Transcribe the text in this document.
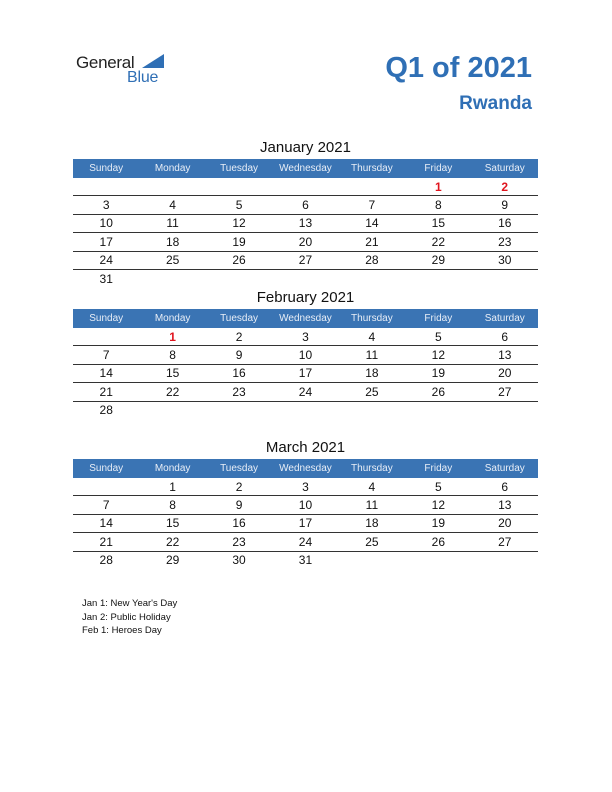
General
Blue	Q1 of 2021
Rwanda
January 2021
Sunday	Monday	Tuesday	Wednesday	Thursday	Friday	Saturday
					1	2
3	4	5	6	7	8	9
10	11	12	13	14	15	16
17	18	19	20	21	22	23
24	25	26	27	28	29	30
31						
February 2021
Sunday	Monday	Tuesday	Wednesday	Thursday	Friday	Saturday
	1	2	3	4	5	6
7	8	9	10	11	12	13
14	15	16	17	18	19	20
21	22	23	24	25	26	27
28						
March 2021
Sunday	Monday	Tuesday	Wednesday	Thursday	Friday	Saturday
	1	2	3	4	5	6
7	8	9	10	11	12	13
14	15	16	17	18	19	20
21	22	23	24	25	26	27
28	29	30	31			
Jan 1: New Year's Day
Jan 2: Public Holiday
Feb 1: Heroes Day
